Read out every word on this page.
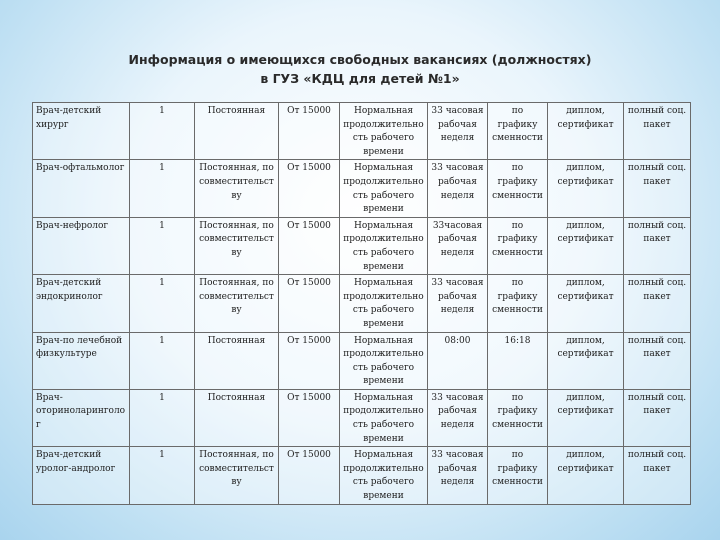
Информация о имеющихся свободных вакансиях (должностях)
в ГУЗ «КДЦ для детей №1»
Врач-детский хирург	1	Постоянная	От 15000	Нормальная продолжительность рабочего времени	33 часовая рабочая неделя	по графику сменности	диплом, сертификат	полный соц. пакет
Врач-офтальмолог	1	Постоянная, по совместительству	От 15000	Нормальная продолжительность рабочего времени	33 часовая рабочая неделя	по графику сменности	диплом, сертификат	полный соц. пакет
Врач-нефролог	1	Постоянная, по совместительству	От 15000	Нормальная продолжительность рабочего времени	33часовая рабочая неделя	по графику сменности	диплом, сертификат	полный соц. пакет
Врач-детский эндокринолог	1	Постоянная, по совместительству	От 15000	Нормальная продолжительность рабочего времени	33 часовая рабочая неделя	по графику сменности	диплом, сертификат	полный соц. пакет
Врач-по лечебной физкультуре	1	Постоянная	От 15000	Нормальная продолжительность рабочего времени	08:00	16:18	диплом, сертификат	полный соц. пакет
Врач-оториноларинголог	1	Постоянная	От 15000	Нормальная продолжительность рабочего времени	33 часовая рабочая неделя	по графику сменности	диплом, сертификат	полный соц. пакет
Врач-детский уролог-андролог	1	Постоянная, по совместительству	От 15000	Нормальная продолжительность рабочего времени	33 часовая рабочая неделя	по графику сменности	диплом, сертификат	полный соц. пакет
